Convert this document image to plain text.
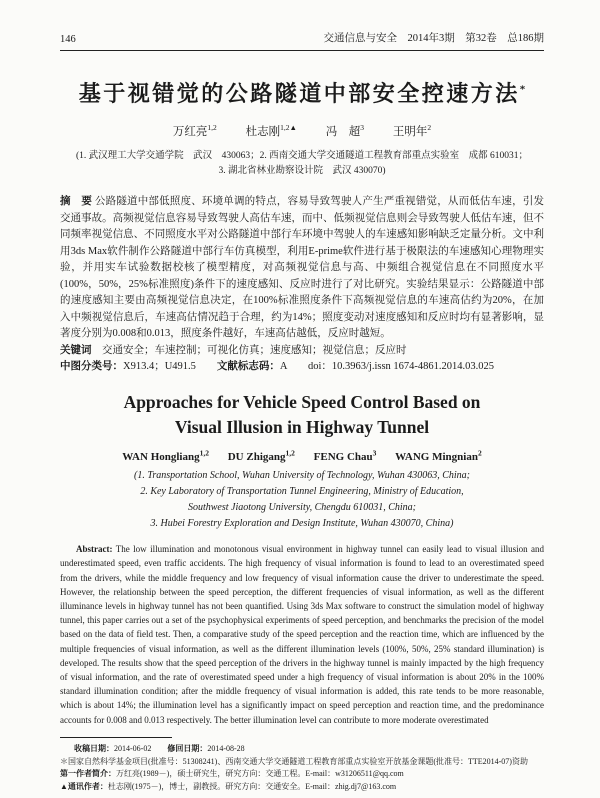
146	交通信息与安全　2014年3期　第32卷　总186期
基于视错觉的公路隧道中部安全控速方法*
万红亮$^{1,2}$	杜志刚$^{1,2▲}$	冯　超$^3$	王明年$^2$
(1. 武汉理工大学交通学院　武汉　430063；2. 西南交通大学交通隧道工程教育部重点实验室　成都 610031；
3. 湖北省林业勘察设计院　武汉 430070)
摘　要 公路隧道中部低照度、环境单调的特点，容易导致驾驶人产生严重视错觉，从而低估车速，引发交通事故。高频视觉信息容易导致驾驶人高估车速，而中、低频视觉信息则会导致驾驶人低估车速，但不同频率视觉信息、不同照度水平对公路隧道中部行车环境中驾驶人的车速感知影响缺乏定量分析。文中利用3ds Max软件制作公路隧道中部行车仿真模型，利用E-prime软件进行基于极限法的车速感知心理物理实验，并用实车试验数据校核了模型精度，对高频视觉信息与高、中频组合视觉信息在不同照度水平(100%，50%，25%标准照度)条件下的速度感知、反应时进行了对比研究。实验结果显示：公路隧道中部的速度感知主要由高频视觉信息决定，在100%标准照度条件下高频视觉信息的车速高估约为20%，在加入中频视觉信息后，车速高估情况趋于合理，约为14%；照度变动对速度感知和反应时均有显著影响，显著度分别为0.008和0.013，照度条件越好，车速高估越低，反应时越短。
关键词　 交通安全；车速控制；可视化仿真；速度感知；视觉信息；反应时
中图分类号：X913.4；U491.5　　 文献标志码：A　　 doi：10.3963/j.issn 1674-4861.2014.03.025
Approaches for Vehicle Speed Control Based on
Visual Illusion in Highway Tunnel
WAN Hongliang$^{1,2}$ DU Zhigang$^{1,2}$ FENG Chau$^3$ WANG Mingnian$^2$
(1. Transportation School, Wuhan University of Technology, Wuhan 430063, China;
2. Key Laboratory of Transportation Tunnel Engineering, Ministry of Education,
Southwest Jiaotong University, Chengdu 610031, China;
3. Hubei Forestry Exploration and Design Institute, Wuhan 430070, China)
Abstract: The low illumination and monotonous visual environment in highway tunnel can easily lead to visual illusion and underestimated speed, even traffic accidents. The high frequency of visual information is found to lead to an overestimated speed from the drivers, while the middle frequency and low frequency of visual information cause the driver to underestimate the speed. However, the relationship between the speed perception, the different frequencies of visual information, as well as the different illuminance levels in highway tunnel has not been quantified. Using 3ds Max software to construct the simulation model of highway tunnel, this paper carries out a set of the psychophysical experiments of speed perception, and benchmarks the precision of the model based on the data of field test. Then, a comparative study of the speed perception and the reaction time, which are influenced by the multiple frequencies of visual information, as well as the different illumination levels (100%, 50%, 25% standard illumination) is developed. The results show that the speed perception of the drivers in the highway tunnel is mainly impacted by the high frequency of visual information, and the rate of overestimated speed under a high frequency of visual information is about 20% in the 100% standard illumination condition; after the middle frequency of visual information is added, this rate tends to be more reasonable, which is about 14%; the illumination level has a significantly impact on speed perception and reaction time, and the predominance accounts for 0.008 and 0.013 respectively. The better illumination level can contribute to more moderate overestimated
收稿日期：2014-06-02　　 修回日期：2014-08-28
＊国家自然科学基金项目(批准号：51308241)、西南交通大学交通隧道工程教育部重点实验室开放基金课题(批准号：TTE2014-07)资助
第一作者简介：万红亮(1989－)，硕士研究生，研究方向：交通工程。E-mail：w31206511@qq.com
▲通讯作者：杜志刚(1975－)，博士，副教授。研究方向：交通安全。E-mail：zhig.dj7@163.com
